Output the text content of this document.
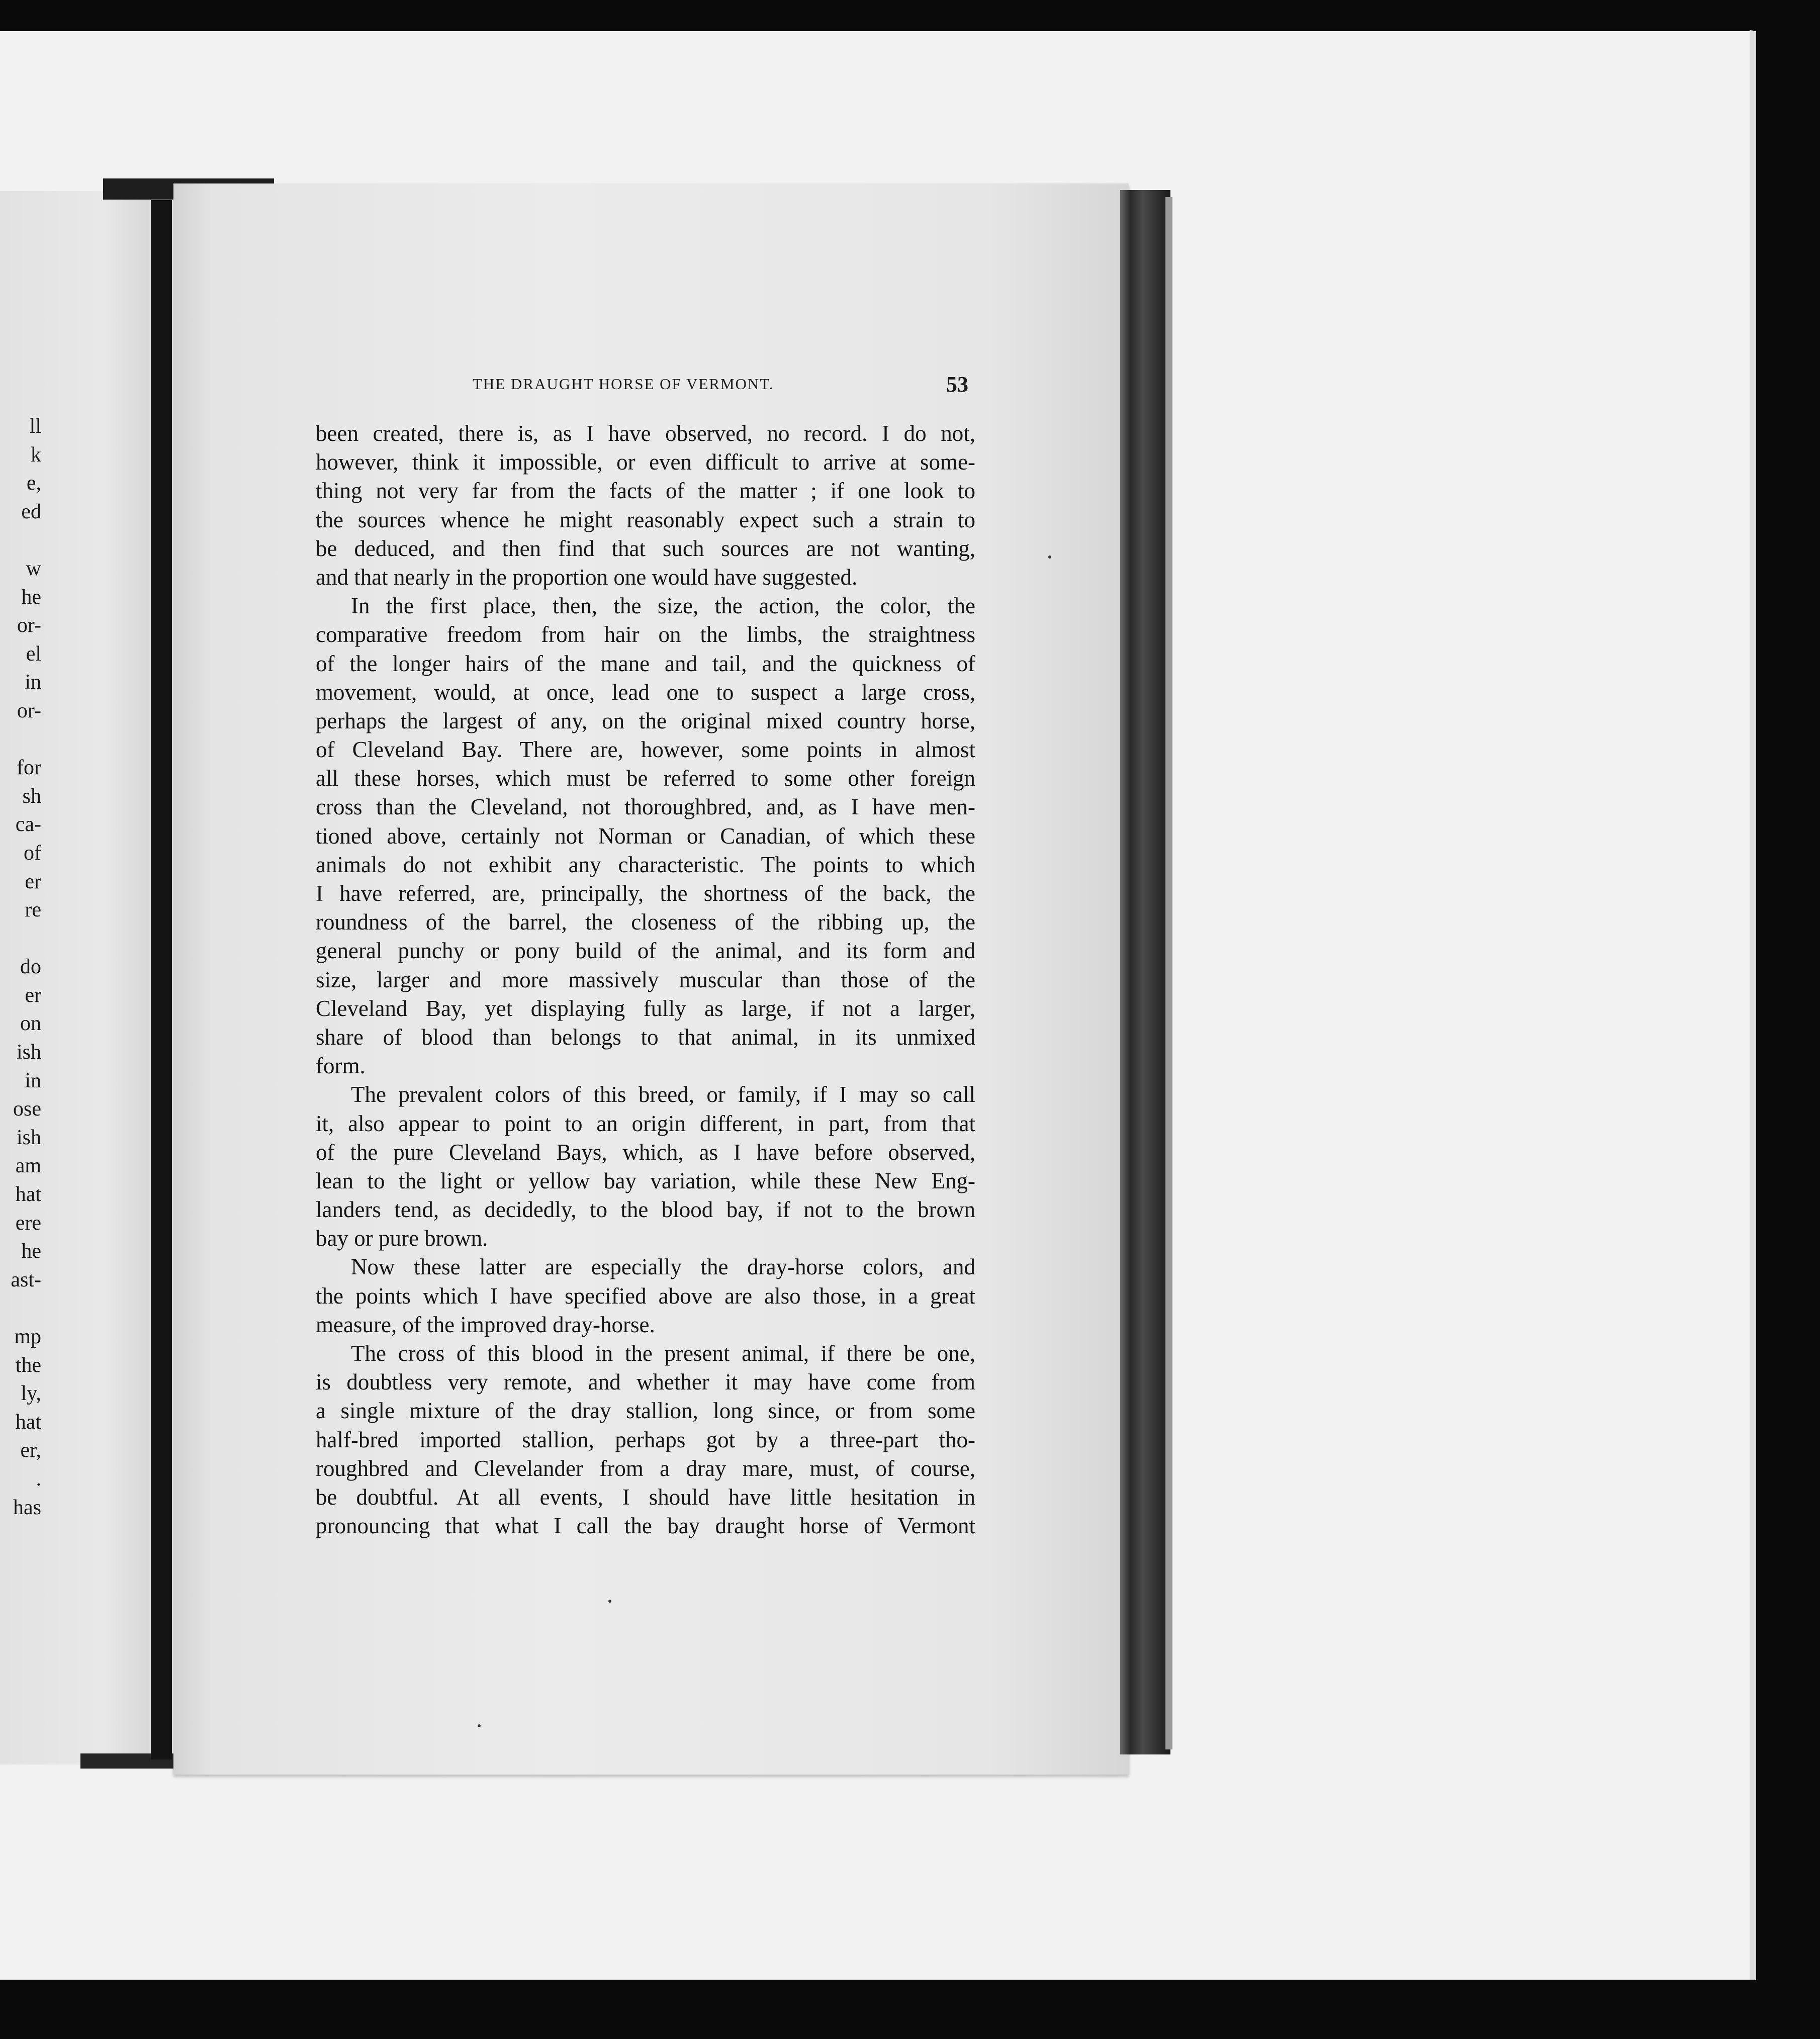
ll
k
e,
ed
w
he
or-
el
in
or-
for
sh
ca-
of
er
re
do
er
on
ish
in
ose
ish
am
hat
ere
he
ast-
mp
the
ly,
hat
er,
.
has
THE DRAUGHT HORSE OF VERMONT.	53
been created, there is, as I have observed, no record. I do not,
however, think it impossible, or even difficult to arrive at some-
thing not very far from the facts of the matter ; if one look to
the sources whence he might reasonably expect such a strain to
be deduced, and then find that such sources are not wanting,
and that nearly in the proportion one would have suggested.
In the first place, then, the size, the action, the color, the
comparative freedom from hair on the limbs, the straightness
of the longer hairs of the mane and tail, and the quickness of
movement, would, at once, lead one to suspect a large cross,
perhaps the largest of any, on the original mixed country horse,
of Cleveland Bay. There are, however, some points in almost
all these horses, which must be referred to some other foreign
cross than the Cleveland, not thoroughbred, and, as I have men-
tioned above, certainly not Norman or Canadian, of which these
animals do not exhibit any characteristic. The points to which
I have referred, are, principally, the shortness of the back, the
roundness of the barrel, the closeness of the ribbing up, the
general punchy or pony build of the animal, and its form and
size, larger and more massively muscular than those of the
Cleveland Bay, yet displaying fully as large, if not a larger,
share of blood than belongs to that animal, in its unmixed
form.
The prevalent colors of this breed, or family, if I may so call
it, also appear to point to an origin different, in part, from that
of the pure Cleveland Bays, which, as I have before observed,
lean to the light or yellow bay variation, while these New Eng-
landers tend, as decidedly, to the blood bay, if not to the brown
bay or pure brown.
Now these latter are especially the dray-horse colors, and
the points which I have specified above are also those, in a great
measure, of the improved dray-horse.
The cross of this blood in the present animal, if there be one,
is doubtless very remote, and whether it may have come from
a single mixture of the dray stallion, long since, or from some
half-bred imported stallion, perhaps got by a three-part tho-
roughbred and Clevelander from a dray mare, must, of course,
be doubtful. At all events, I should have little hesitation in
pronouncing that what I call the bay draught horse of Vermont
